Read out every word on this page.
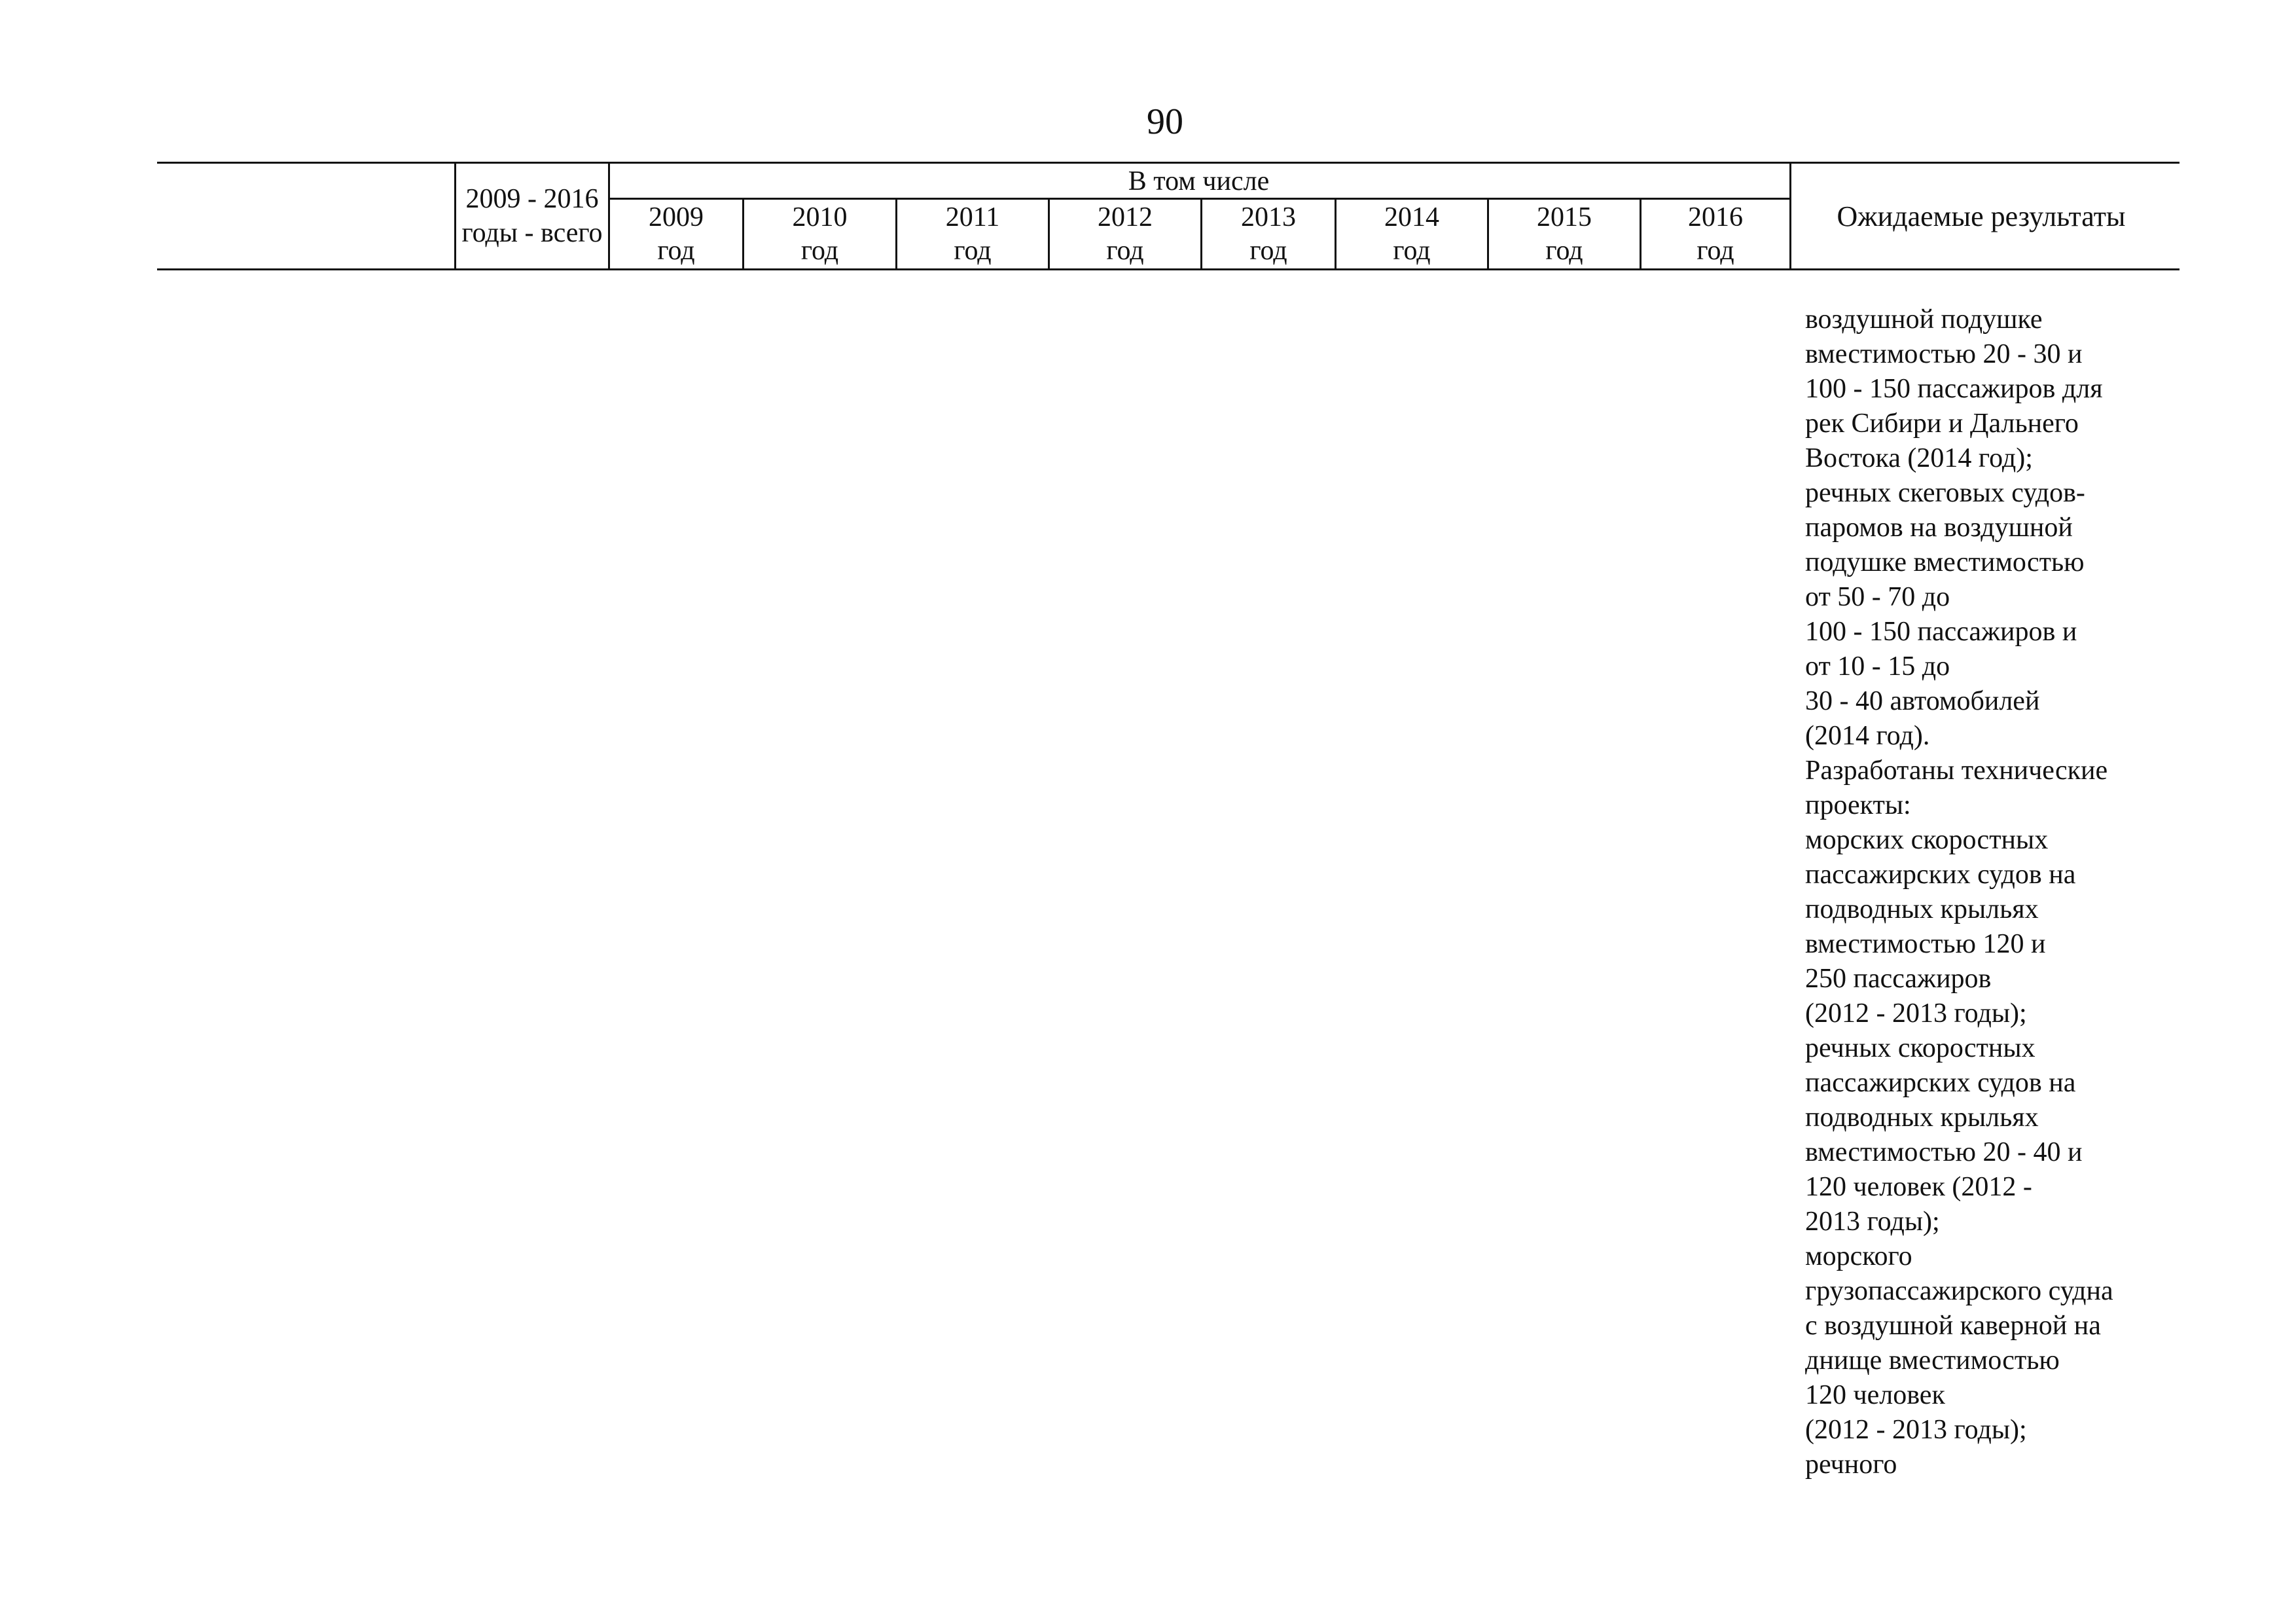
90
2009 - 2016
годы - всего
В том числе
2009
год
2010
год
2011
год
2012
год
2013
год
2014
год
2015
год
2016
год
Ожидаемые результаты
воздушной подушке
вместимостью 20 - 30 и
100 - 150 пассажиров для
рек Сибири и Дальнего
Востока (2014 год);
речных скеговых судов-
паромов на воздушной
подушке вместимостью
от 50 - 70 до
100 - 150 пассажиров и
от 10 - 15 до
30 - 40 автомобилей
(2014 год).
Разработаны технические
проекты:
морских скоростных
пассажирских судов на
подводных крыльях
вместимостью 120 и
250 пассажиров
(2012 - 2013 годы);
речных скоростных
пассажирских судов на
подводных крыльях
вместимостью 20 - 40 и
120 человек (2012 -
2013 годы);
морского
грузопассажирского судна
с воздушной каверной на
днище вместимостью
120 человек
(2012 - 2013 годы);
речного
